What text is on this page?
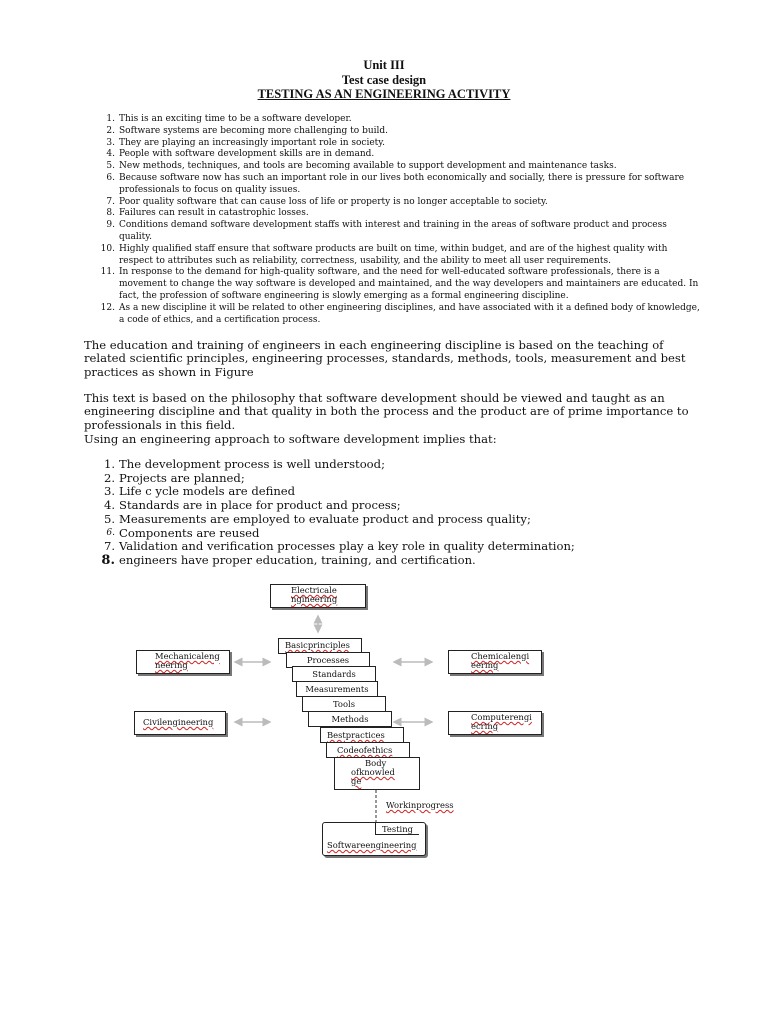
Unit III
Test case design
TESTING AS AN ENGINEERING ACTIVITY
1. This is an exciting time to be a software developer.
2. Software systems are becoming more challenging to build.
3. They are playing an increasingly important role in society.
4. People with software development skills are in demand.
5. New methods, techniques, and tools are becoming available to support development and maintenance tasks.
6. Because software now has such an important role in our lives both economically and socially, there is pressure for software professionals to focus on quality issues.
7. Poor quality software that can cause loss of life or property is no longer acceptable to society.
8. Failures can result in catastrophic losses.
9. Conditions demand software development staffs with interest and training in the areas of software product and process quality.
10. Highly qualified staff ensure that software products are built on time, within budget, and are of the highest quality with respect to attributes such as reliability, correctness, usability, and the ability to meet all user requirements.
11. In response to the demand for high-quality software, and the need for well-educated software professionals, there is a movement to change the way software is developed and maintained, and the way developers and maintainers are educated. In fact, the profession of software engineering is slowly emerging as a formal engineering discipline.
12. As a new discipline it will be related to other engineering disciplines, and have associated with it a defined body of knowledge, a code of ethics, and a certification process.

The education and training of engineers in each engineering discipline is based on the teaching of related scientific principles, engineering processes, standards, methods, tools, measurement and best practices as shown in Figure

This text is based on the philosophy that software development should be viewed and taught as an engineering discipline and that quality in both the process and the product are of prime importance to professionals in this field.

Using an engineering approach to software development implies that:

1. The development process is well understood;
2. Projects are planned;
3. Life c ycle models are defined
4. Standards are in place for product and process;
5. Measurements are employed to evaluate product and process quality;
6. Components are reused
7. Validation and verification processes play a key role in quality determination;
8. engineers have proper education, training, and certification.
Electricale
ngineering
Mechanicaleng
neering
Civilengineering
Chemicalengi
eering
Computerengi
ecring
Basicprinciples
Processes
Standards
Measurements
Tools
Methods
Bestpractices
Codeofethics
Body
ofknowled
ge
Workinprogress
Testing
Softwareengineering
